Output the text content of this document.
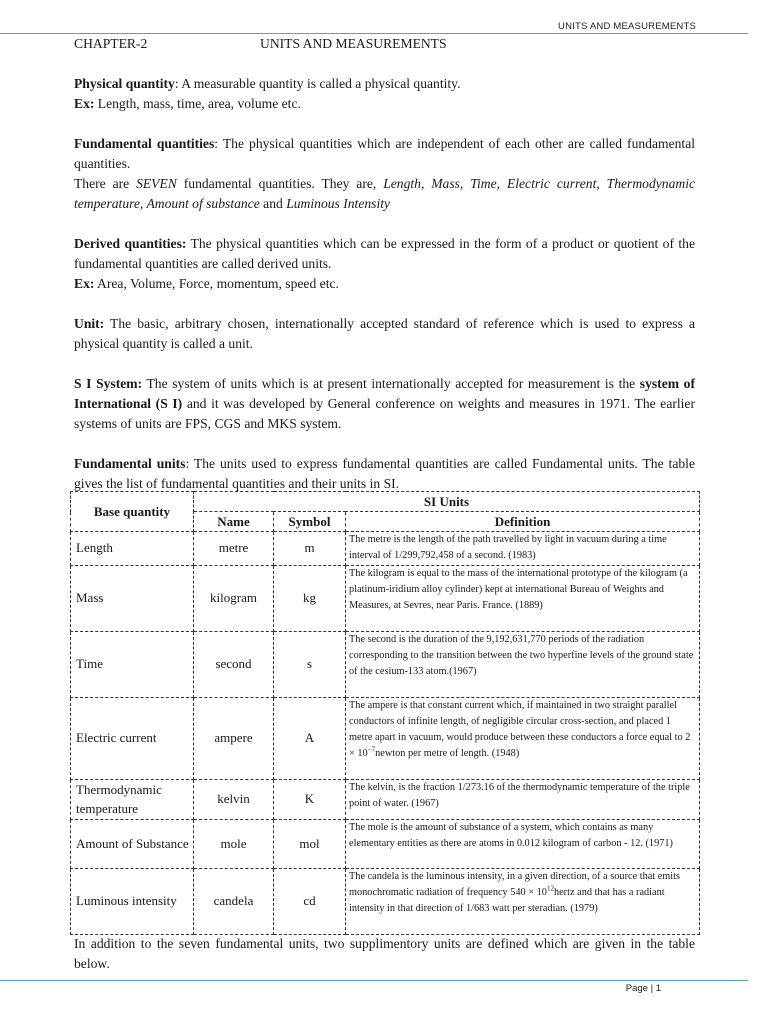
UNITS AND MEASUREMENTS
CHAPTER-2	UNITS AND MEASUREMENTS

Physical quantity: A measurable quantity is called a physical quantity.

Ex: Length, mass, time, area, volume etc.

Fundamental quantities: The physical quantities which are independent of each other are called fundamental quantities.

There are SEVEN fundamental quantities. They are, Length, Mass, Time, Electric current, Thermodynamic temperature, Amount of substance and Luminous Intensity

Derived quantities: The physical quantities which can be expressed in the form of a product or quotient of the fundamental quantities are called derived units.

Ex: Area, Volume, Force, momentum, speed etc.

Unit: The basic, arbitrary chosen, internationally accepted standard of reference which is used to express a physical quantity is called a unit.

S I System: The system of units which is at present internationally accepted for measurement is the system of International (S I) and it was developed by General conference on weights and measures in 1971. The earlier systems of units are FPS, CGS and MKS system.

Fundamental units: The units used to express fundamental quantities are called Fundamental units. The table gives the list of fundamental quantities and their units in SI.

Base quantity	SI Units		
	Name	Symbol	Definition
Length	metre	m	The metre is the length of the path travelled by light in vacuum during a time interval of 1/299,792,458 of a second. (1983)
Mass	kilogram	kg	The kilogram is equal to the mass of the international prototype of the kilogram (a platinum-iridium alloy cylinder) kept at international Bureau of Weights and Measures, at Sevres, near Paris. France. (1889)
Time	second	s	The second is the duration of the 9,192,631,770 periods of the radiation corresponding to the transition between the two hyperfine levels of the ground state of the cesium-133 atom.(1967)
Electric current	ampere	A	The ampere is that constant current which, if maintained in two straight parallel conductors of infinite length, of negligible circular cross-section, and placed 1 metre apart in vacuum, would produce between these conductors a force equal to $2 \times 10^{-7}newton$ per metre of length. (1948)
Thermodynamic temperature	kelvin	K	The kelvin, is the fraction 1/273.16 of the thermodynamic temperature of the triple point of water. (1967)
Amount of Substance	mole	mol	The mole is the amount of substance of a system, which contains as many elementary entities as there are atoms in 0.012 kilogram of carbon - 12. (1971)
Luminous intensity	candela	cd	The candela is the luminous intensity, in a given direction, of a source that emits monochromatic radiation of frequency $540 \times 10^{12}hertz$ and that has a radiant intensity in that direction of 1/683 watt per steradian. (1979)

In addition to the seven fundamental units, two supplimentory units are defined which are given in the table below.

Page | 1
